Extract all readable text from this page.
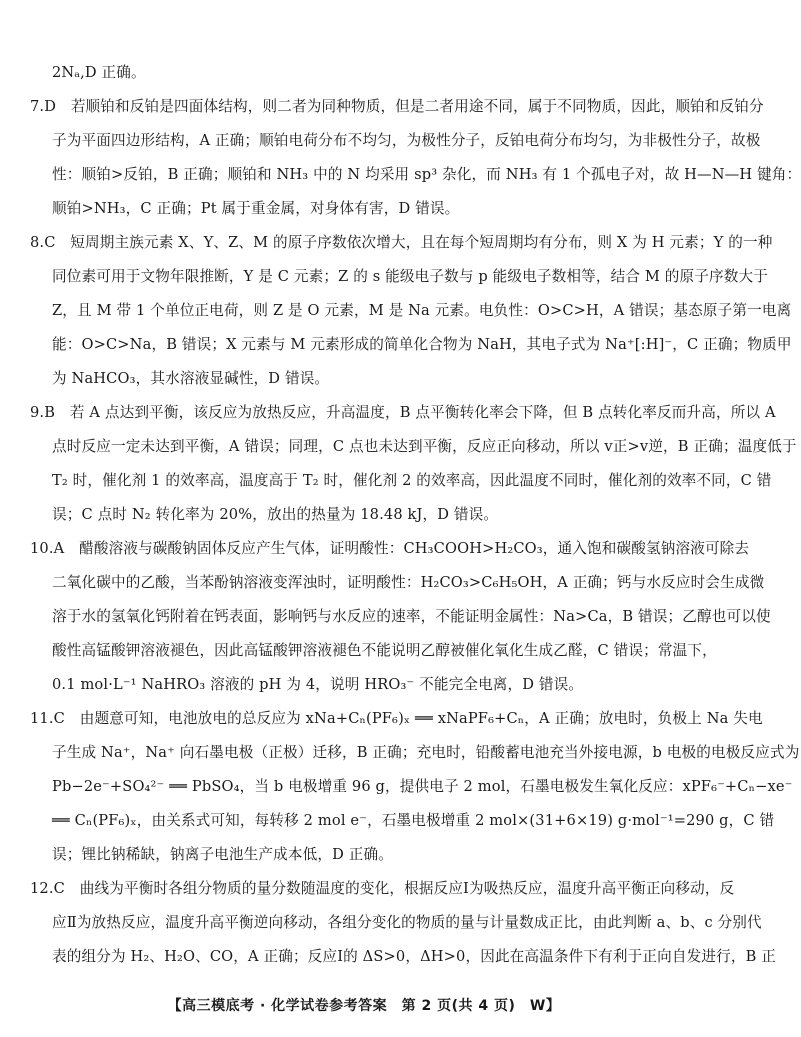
2Nₐ,D 正确。
7.D　若顺铂和反铂是四面体结构，则二者为同种物质，但是二者用途不同，属于不同物质，因此，顺铂和反铂分
子为平面四边形结构，A 正确；顺铂电荷分布不均匀，为极性分子，反铂电荷分布均匀，为非极性分子，故极
性：顺铂>反铂，B 正确；顺铂和 NH₃ 中的 N 均采用 sp³ 杂化，而 NH₃ 有 1 个孤电子对，故 H—N—H 键角：
顺铂>NH₃，C 正确；Pt 属于重金属，对身体有害，D 错误。
8.C　短周期主族元素 X、Y、Z、M 的原子序数依次增大，且在每个短周期均有分布，则 X 为 H 元素；Y 的一种
同位素可用于文物年限推断，Y 是 C 元素；Z 的 s 能级电子数与 p 能级电子数相等，结合 M 的原子序数大于
Z，且 M 带 1 个单位正电荷，则 Z 是 O 元素，M 是 Na 元素。电负性：O>C>H，A 错误；基态原子第一电离
能：O>C>Na，B 错误；X 元素与 M 元素形成的简单化合物为 NaH，其电子式为 Na⁺[:H]⁻，C 正确；物质甲
为 NaHCO₃，其水溶液显碱性，D 错误。
9.B　若 A 点达到平衡，该反应为放热反应，升高温度，B 点平衡转化率会下降，但 B 点转化率反而升高，所以 A
点时反应一定未达到平衡，A 错误；同理，C 点也未达到平衡，反应正向移动，所以 v正>v逆，B 正确；温度低于
T₂ 时，催化剂 1 的效率高，温度高于 T₂ 时，催化剂 2 的效率高，因此温度不同时，催化剂的效率不同，C 错
误；C 点时 N₂ 转化率为 20%，放出的热量为 18.48 kJ，D 错误。
10.A　醋酸溶液与碳酸钠固体反应产生气体，证明酸性：CH₃COOH>H₂CO₃，通入饱和碳酸氢钠溶液可除去
二氧化碳中的乙酸，当苯酚钠溶液变浑浊时，证明酸性：H₂CO₃>C₆H₅OH，A 正确；钙与水反应时会生成微
溶于水的氢氧化钙附着在钙表面，影响钙与水反应的速率，不能证明金属性：Na>Ca，B 错误；乙醇也可以使
酸性高锰酸钾溶液褪色，因此高锰酸钾溶液褪色不能说明乙醇被催化氧化生成乙醛，C 错误；常温下，
0.1 mol·L⁻¹ NaHRO₃ 溶液的 pH 为 4，说明 HRO₃⁻ 不能完全电离，D 错误。
11.C　由题意可知，电池放电的总反应为 xNa+Cₙ(PF₆)ₓ ══ xNaPF₆+Cₙ，A 正确；放电时，负极上 Na 失电
子生成 Na⁺，Na⁺ 向石墨电极（正极）迁移，B 正确；充电时，铅酸蓄电池充当外接电源，b 电极的电极反应式为
Pb−2e⁻+SO₄²⁻ ══ PbSO₄，当 b 电极增重 96 g，提供电子 2 mol，石墨电极发生氧化反应：xPF₆⁻+Cₙ−xe⁻
══ Cₙ(PF₆)ₓ，由关系式可知，每转移 2 mol e⁻，石墨电极增重 2 mol×(31+6×19) g·mol⁻¹=290 g，C 错
误；锂比钠稀缺，钠离子电池生产成本低，D 正确。
12.C　曲线为平衡时各组分物质的量分数随温度的变化，根据反应Ⅰ为吸热反应，温度升高平衡正向移动，反
应Ⅱ为放热反应，温度升高平衡逆向移动，各组分变化的物质的量与计量数成正比，由此判断 a、b、c 分别代
表的组分为 H₂、H₂O、CO，A 正确；反应Ⅰ的 ΔS>0，ΔH>0，因此在高温条件下有利于正向自发进行，B 正
【高三模底考 · 化学试卷参考答案　第 2 页(共 4 页)　W】
